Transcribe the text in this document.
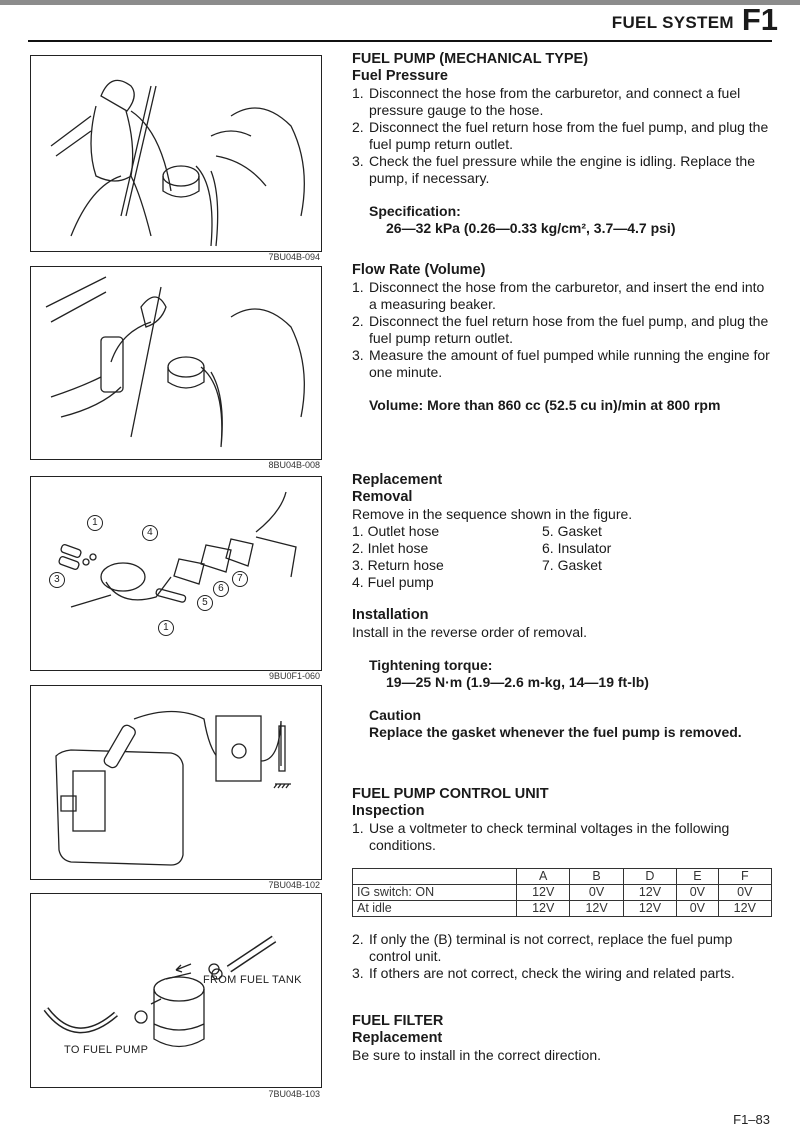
FUEL SYSTEM F1
7BU04B-094
8BU04B-008
1
4
3
5
6
7
1
9BU0F1-060
7BU04B-102
FROM FUEL TANK
TO FUEL PUMP
7BU04B-103
FUEL PUMP (MECHANICAL TYPE)
Fuel Pressure
1. Disconnect the hose from the carburetor, and connect a fuel pressure gauge to the hose.
2. Disconnect the fuel return hose from the fuel pump, and plug the fuel pump return outlet.
3. Check the fuel pressure while the engine is idling. Replace the pump, if necessary.
Specification:
26—32 kPa (0.26—0.33 kg/cm², 3.7—4.7 psi)
Flow Rate (Volume)
1. Disconnect the hose from the carburetor, and insert the end into a measuring beaker.
2. Disconnect the fuel return hose from the fuel pump, and plug the fuel pump return outlet.
3. Measure the amount of fuel pumped while running the engine for one minute.
Volume: More than 860 cc (52.5 cu in)/min at 800 rpm
Replacement
Removal

Remove in the sequence shown in the figure.

1. Outlet hose
2. Inlet hose
3. Return hose
4. Fuel pump
5. Gasket
6. Insulator
7. Gasket
Installation

Install in the reverse order of removal.

Tightening torque:
19—25 N·m (1.9—2.6 m-kg, 14—19 ft-lb)
Caution
Replace the gasket whenever the fuel pump is removed.
FUEL PUMP CONTROL UNIT
Inspection
1. Use a voltmeter to check terminal voltages in the following conditions.
	A	B	D	E	F
IG switch: ON	12V	0V	12V	0V	0V
At idle	12V	12V	12V	0V	12V
2. If only the (B) terminal is not correct, replace the fuel pump control unit.
3. If others are not correct, check the wiring and related parts.
FUEL FILTER
Replacement

Be sure to install in the correct direction.

F1–83
